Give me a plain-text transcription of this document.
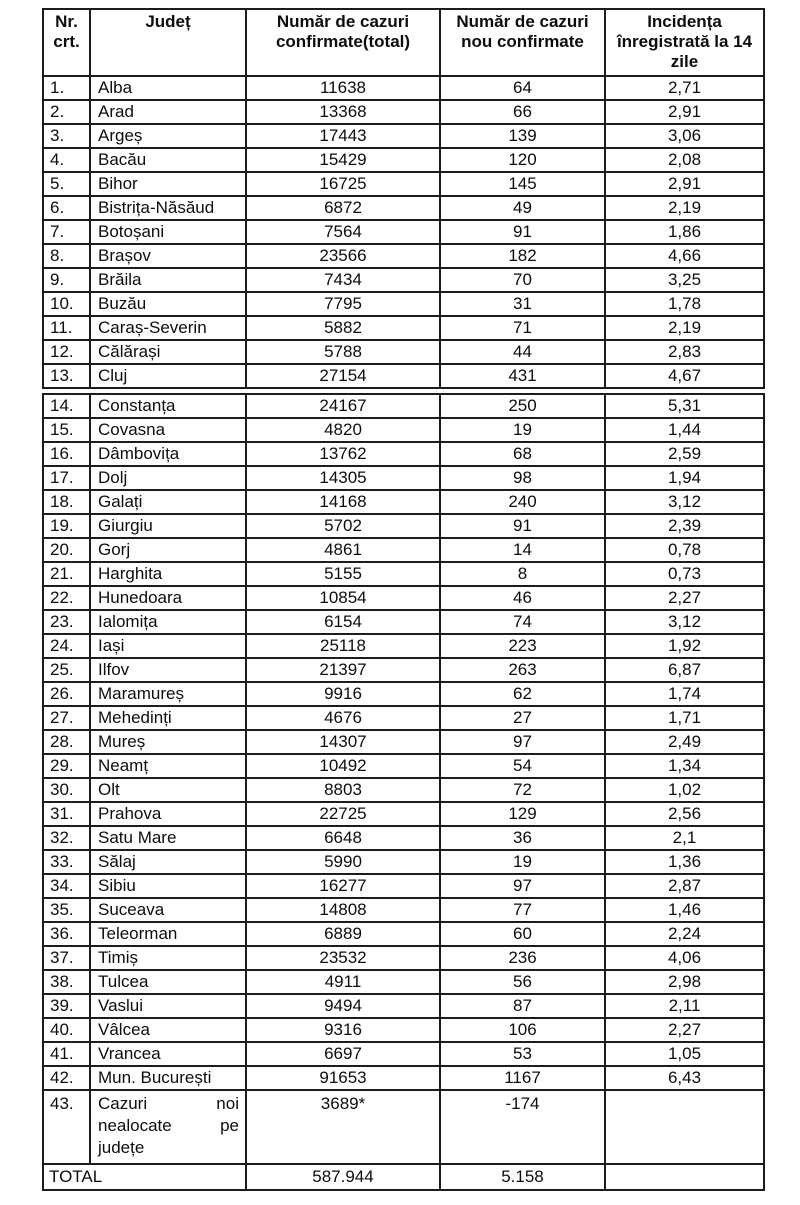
Nr. crt.	Județ	Număr de cazuri confirmate(total)	Număr de cazuri nou confirmate	Incidența înregistrată la 14 zile
1.	Alba	11638	64	2,71
2.	Arad	13368	66	2,91
3.	Argeș	17443	139	3,06
4.	Bacău	15429	120	2,08
5.	Bihor	16725	145	2,91
6.	Bistrița-Năsăud	6872	49	2,19
7.	Botoșani	7564	91	1,86
8.	Brașov	23566	182	4,66
9.	Brăila	7434	70	3,25
10.	Buzău	7795	31	1,78
11.	Caraș-Severin	5882	71	2,19
12.	Călărași	5788	44	2,83
13.	Cluj	27154	431	4,67
14.	Constanța	24167	250	5,31
15.	Covasna	4820	19	1,44
16.	Dâmbovița	13762	68	2,59
17.	Dolj	14305	98	1,94
18.	Galați	14168	240	3,12
19.	Giurgiu	5702	91	2,39
20.	Gorj	4861	14	0,78
21.	Harghita	5155	8	0,73
22.	Hunedoara	10854	46	2,27
23.	Ialomița	6154	74	3,12
24.	Iași	25118	223	1,92
25.	Ilfov	21397	263	6,87
26.	Maramureș	9916	62	1,74
27.	Mehedinți	4676	27	1,71
28.	Mureș	14307	97	2,49
29.	Neamț	10492	54	1,34
30.	Olt	8803	72	1,02
31.	Prahova	22725	129	2,56
32.	Satu Mare	6648	36	2,1
33.	Sălaj	5990	19	1,36
34.	Sibiu	16277	97	2,87
35.	Suceava	14808	77	1,46
36.	Teleorman	6889	60	2,24
37.	Timiș	23532	236	4,06
38.	Tulcea	4911	56	2,98
39.	Vaslui	9494	87	2,11
40.	Vâlcea	9316	106	2,27
41.	Vrancea	6697	53	1,05
42.	Mun. București	91653	1167	6,43
43.	Cazuri noi nealocate pe județe	3689*	-174	
TOTAL		587.944	5.158	
